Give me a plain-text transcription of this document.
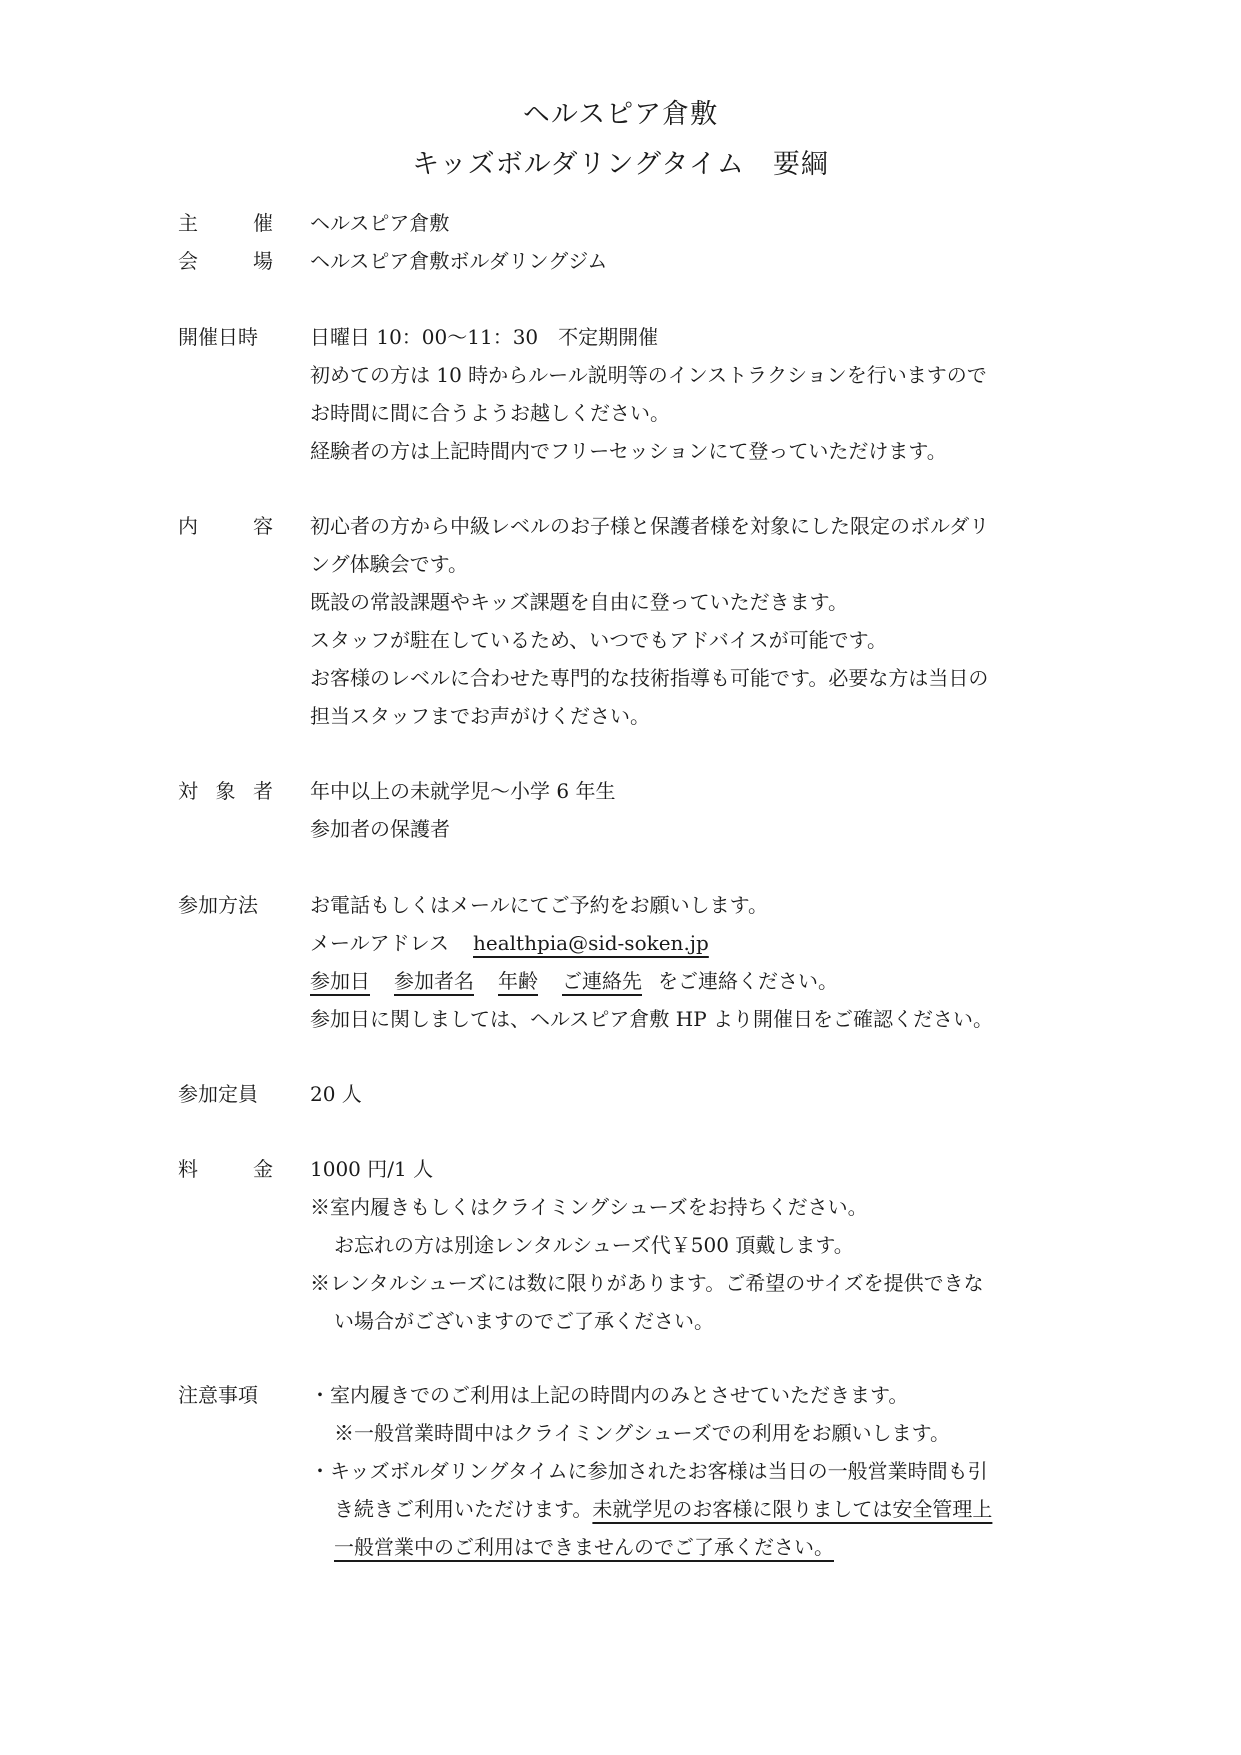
ヘルスピア倉敷
キッズボルダリングタイム　要綱
主	催 ヘルスピア倉敷
会	場 ヘルスピア倉敷ボルダリングジム
開催日時	日曜日 10：00～11：30　不定期開催
初めての方は 10 時からルール説明等のインストラクションを行いますので
お時間に間に合うようお越しください。
経験者の方は上記時間内でフリーセッションにて登っていただけます。
内	容 初心者の方から中級レベルのお子様と保護者様を対象にした限定のボルダリ
ング体験会です。
既設の常設課題やキッズ課題を自由に登っていただきます。
スタッフが駐在しているため、いつでもアドバイスが可能です。
お客様のレベルに合わせた専門的な技術指導も可能です。必要な方は当日の
担当スタッフまでお声がけください。
対 象 者 年中以上の未就学児～小学 6 年生
参加者の保護者
参加方法	お電話もしくはメールにてご予約をお願いします。
メールアドレス healthpia@sid-soken.jp
参加日 参加者名 年齢 ご連絡先 をご連絡ください。
参加日に関しましては、ヘルスピア倉敷 HP より開催日をご確認ください。
参加定員	20 人
料	金 1000 円/1 人
※室内履きもしくはクライミングシューズをお持ちください。
お忘れの方は別途レンタルシューズ代￥500 頂戴します。
※レンタルシューズには数に限りがあります。ご希望のサイズを提供できな
い場合がございますのでご了承ください。
注意事項	・室内履きでのご利用は上記の時間内のみとさせていただきます。
※一般営業時間中はクライミングシューズでの利用をお願いします。
・キッズボルダリングタイムに参加されたお客様は当日の一般営業時間も引
き続きご利用いただけます。未就学児のお客様に限りましては安全管理上
一般営業中のご利用はできませんのでご了承ください。
